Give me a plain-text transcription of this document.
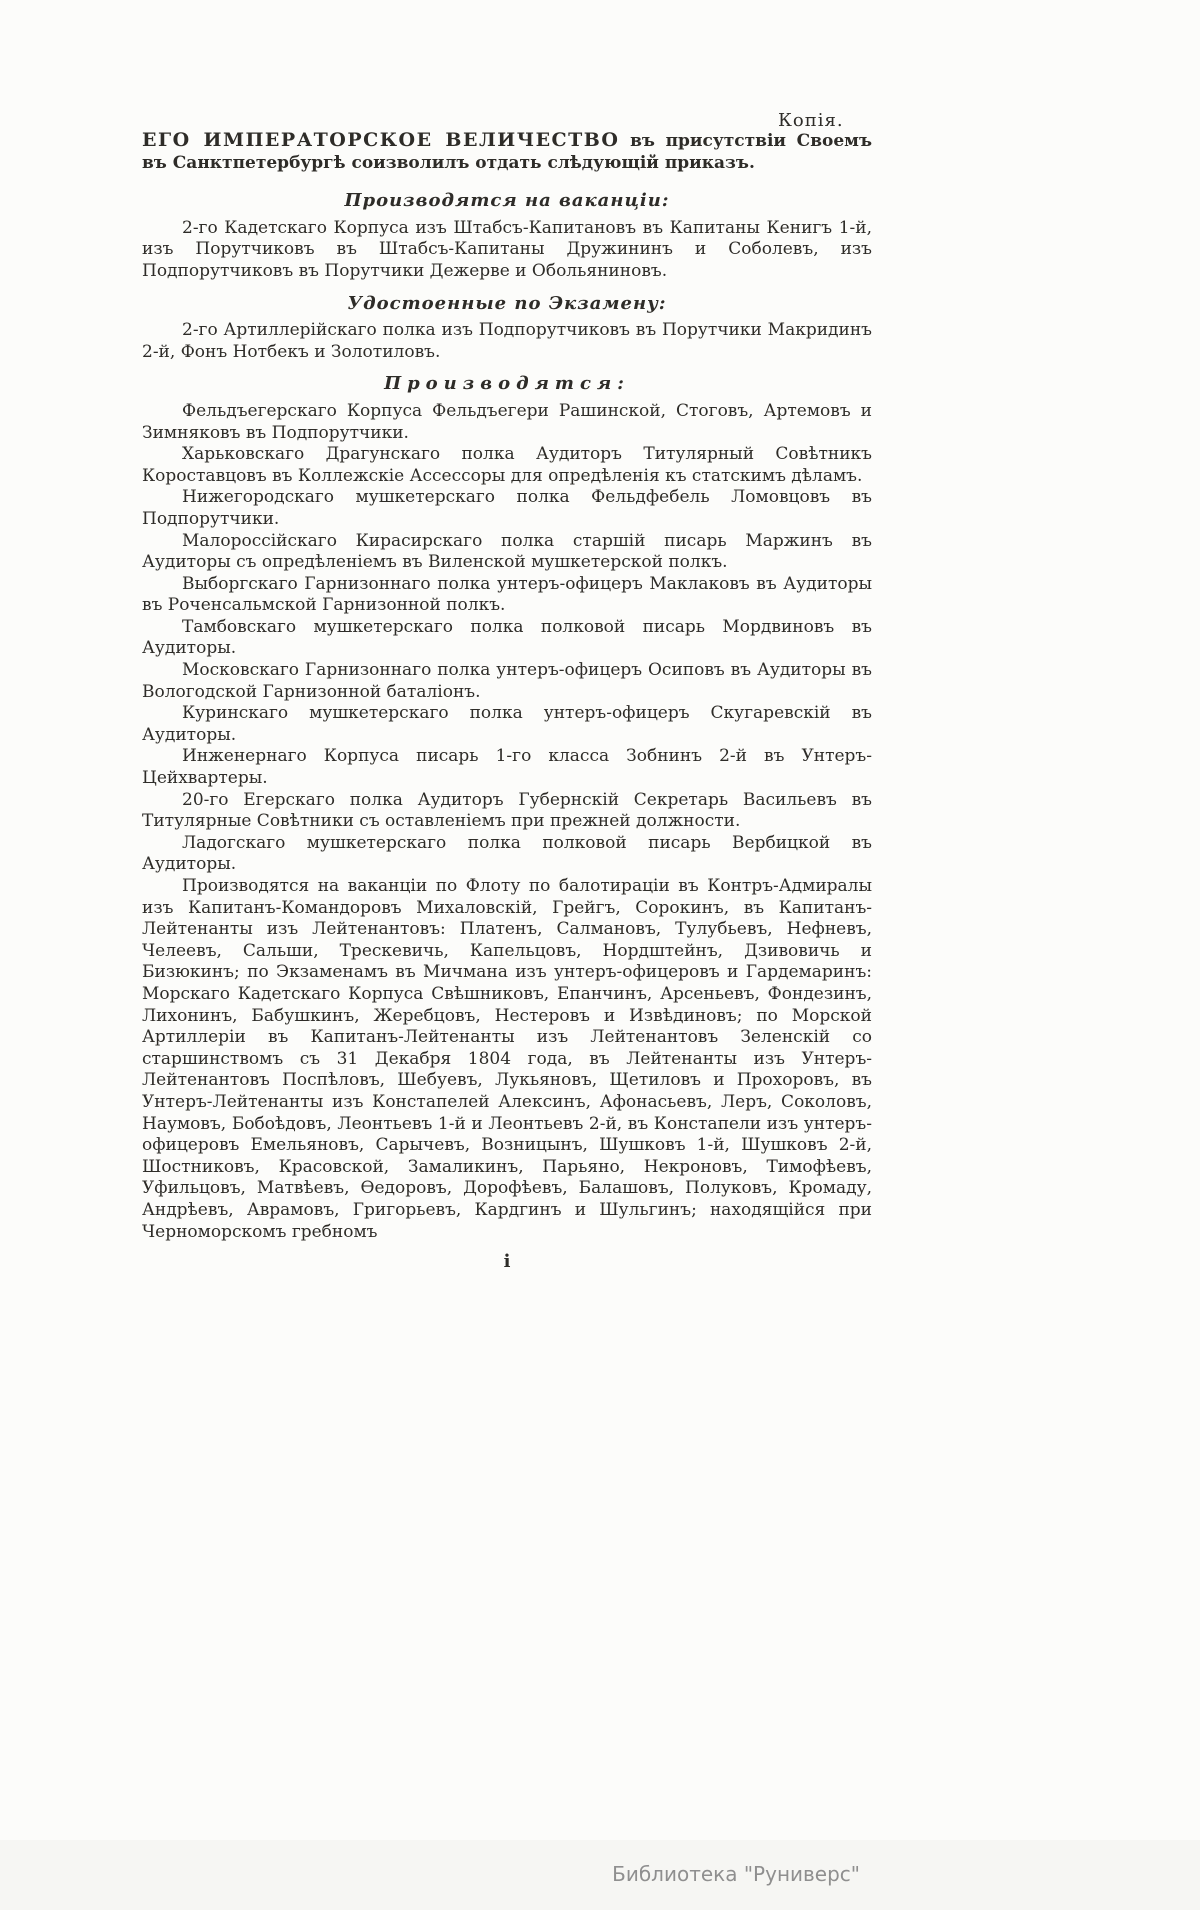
Копія.

ЕГО ИМПЕРАТОРСКОЕ ВЕЛИЧЕСТВО въ присутствіи Своемъ въ Санктпетербургѣ соизволилъ отдать слѣдующій приказъ.

Производятся на ваканціи:

2-го Кадетскаго Корпуса изъ Штабсъ-Капитановъ въ Капитаны Кенигъ 1-й, изъ Порутчиковъ въ Штабсъ-Капитаны Дружининъ и Соболевъ, изъ Подпорутчиковъ въ Порутчики Дежерве и Обольяниновъ.

Удостоенные по Экзамену:

2-го Артиллерійскаго полка изъ Подпорутчиковъ въ Порутчики Макридинъ 2-й, Фонъ Нотбекъ и Золотиловъ.

Производятся:

Фельдъегерскаго Корпуса Фельдъегери Рашинской, Стоговъ, Артемовъ и Зимняковъ въ Подпорутчики.

Харьковскаго Драгунскаго полка Аудиторъ Титулярный Совѣтникъ Короставцовъ въ Коллежскіе Ассессоры для опредѣленія къ статскимъ дѣламъ.

Нижегородскаго мушкетерскаго полка Фельдфебель Ломовцовъ въ Подпорутчики.

Малороссійскаго Кирасирскаго полка старшій писарь Маржинъ въ Аудиторы съ опредѣленіемъ въ Виленской мушкетерской полкъ.

Выборгскаго Гарнизоннаго полка унтеръ-офицеръ Маклаковъ въ Аудиторы въ Роченсальмской Гарнизонной полкъ.

Тамбовскаго мушкетерскаго полка полковой писарь Мордвиновъ въ Аудиторы.

Московскаго Гарнизоннаго полка унтеръ-офицеръ Осиповъ въ Аудиторы въ Вологодской Гарнизонной баталіонъ.

Куринскаго мушкетерскаго полка унтеръ-офицеръ Скугаревскій въ Аудиторы.

Инженернаго Корпуса писарь 1-го класса Зобнинъ 2-й въ Унтеръ-Цейхвартеры.

20-го Егерскаго полка Аудиторъ Губернскій Секретарь Васильевъ въ Титулярные Совѣтники съ оставленіемъ при прежней должности.

Ладогскаго мушкетерскаго полка полковой писарь Вербицкой въ Аудиторы.

Производятся на ваканціи по Флоту по балотираціи въ Контръ-Адмиралы изъ Капитанъ-Командоровъ Михаловскій, Грейгъ, Сорокинъ, въ Капитанъ-Лейтенанты изъ Лейтенантовъ: Платенъ, Салмановъ, Тулубьевъ, Нефневъ, Челеевъ, Сальши, Трескевичь, Капельцовъ, Нордштейнъ, Дзивовичь и Бизюкинъ; по Экзаменамъ въ Мичмана изъ унтеръ-офицеровъ и Гардемаринъ: Морскаго Кадетскаго Корпуса Свѣшниковъ, Епанчинъ, Арсеньевъ, Фондезинъ, Лихонинъ, Бабушкинъ, Жеребцовъ, Нестеровъ и Извѣдиновъ; по Морской Артиллеріи въ Капитанъ-Лейтенанты изъ Лейтенантовъ Зеленскій со старшинствомъ съ 31 Декабря 1804 года, въ Лейтенанты изъ Унтеръ-Лейтенантовъ Поспѣловъ, Шебуевъ, Лукьяновъ, Щетиловъ и Прохоровъ, въ Унтеръ-Лейтенанты изъ Констапелей Алексинъ, Афонасьевъ, Леръ, Соколовъ, Наумовъ, Бобоѣдовъ, Леонтьевъ 1-й и Леонтьевъ 2-й, въ Констапели изъ унтеръ-офицеровъ Емельяновъ, Сарычевъ, Возницынъ, Шушковъ 1-й, Шушковъ 2-й, Шостниковъ, Красовской, Замаликинъ, Парьяно, Некроновъ, Тимофѣевъ, Уфильцовъ, Матвѣевъ, Ѳедоровъ, Дорофѣевъ, Балашовъ, Полуковъ, Кромаду, Андрѣевъ, Аврамовъ, Григорьевъ, Кардгинъ и Шульгинъ; находящійся при Черноморскомъ гребномъ

і
Библиотека "Руниверс"
